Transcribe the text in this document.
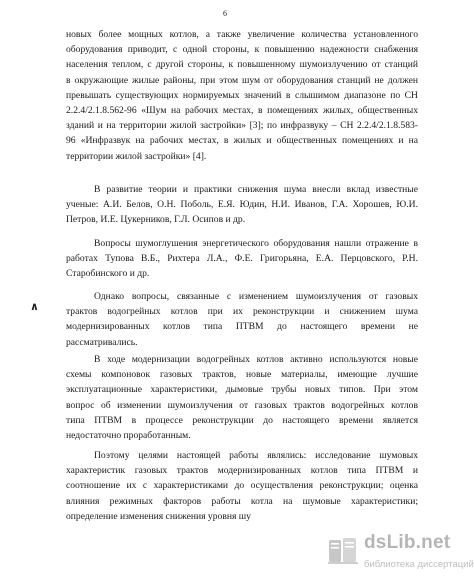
6
∧
новых более мощных котлов, а также увеличение количества установленного
оборудования приводит, с одной стороны, к повышению надежности снабжения
населения теплом, с другой стороны, к повышенному шумоизлучению от станций
в окружающие жилые районы, при этом шум от оборудования станций не должен
превышать существующих нормируемых значений в слышимом диапазоне по СН
2.2.4/2.1.8.562-96 «Шум на рабочих местах, в помещениях жилых, общественных
зданий и на территории жилой застройки» [3]; по инфразвуку – СН 2.2.4/2.1.8.583-
96 «Инфразвук на рабочих местах, в жилых и общественных помещениях и на
территории жилой застройки» [4].
В развитие теории и практики снижения шума внесли вклад известные
ученые: А.И. Белов, О.Н. Поболь, Е.Я. Юдин, Н.И. Иванов, Г.А. Хорошев, Ю.И.
Петров, И.Е. Цукерников, Г.Л. Осипов и др.
Вопросы шумоглушения энергетического оборудования нашли отражение в
работах Тупова В.Б., Рихтера Л.А., Ф.Е. Григорьяна, Е.А. Перцовского, Р.Н.
Старобинского и др.
Однако вопросы, связанные с изменением шумоизлучения от газовых
трактов водогрейных котлов при их реконструкции и снижением шума
модернизированных котлов типа ПТВМ до настоящего времени не
рассматривались.
В ходе модернизации водогрейных котлов активно используются новые
схемы компоновок газовых трактов, новые материалы, имеющие лучшие
эксплуатационные характеристики, дымовые трубы новых типов. При этом
вопрос об изменении шумоизлучения от газовых трактов водогрейных котлов
типа ПТВМ в процессе реконструкции до настоящего времени является
недостаточно проработанным.
Поэтому целями настоящей работы являлись: исследование шумовых
характеристик газовых трактов модернизированных котлов типа ПТВМ и
соотношение их с характеристиками до осуществления реконструкции; оценка
влияния режимных факторов работы котла на шумовые характеристики;
определение изменения снижения уровня шу
dsLib.net
библиотека диссертаций
